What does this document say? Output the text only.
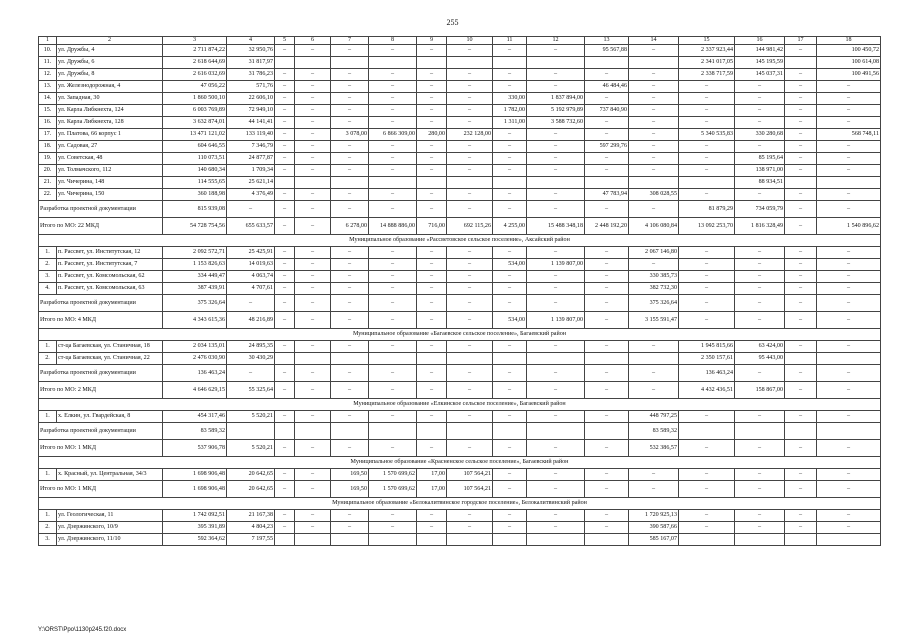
255
1	2	3	4	5	6	7	8	9	10	11	12	13	14	15	16	17	18
10.	ул. Дружбы, 4	2 711 874,22	32 950,76	–	–	–	–	–	–	–	–	95 567,88	–	2 337 923,44	144 981,42	–	100 450,72
11.	ул. Дружбы, 6	2 618 644,69	31 817,97											2 341 017,05	145 195,59		100 614,08
12.	ул. Дружбы, 8	2 616 032,69	31 786,23	–	–	–	–	–	–	–	–	–	–	2 338 717,59	145 037,31	–	100 491,56
13.	ул. Железнодорожная, 4	47 056,22	571,76	–	–	–	–	–	–	–	–	46 484,46	–	–	–	–	–
14.	ул. Западная, 30	1 860 500,10	22 606,10	–	–	–	–	–	–	330,00	1 837 894,00	–	–	–	–	–	–
15.	ул. Карла Либкнехта, 124	6 003 769,89	72 949,10	–	–	–	–	–	–	1 782,00	5 192 979,89	737 840,90	–	–	–	–	–
16.	ул. Карла Либкнехта, 128	3 632 874,01	44 141,41	–	–	–	–	–	–	1 311,00	3 588 732,60	–	–	–	–	–	–
17.	ул. Платова, 66 корпус 1	13 471 121,02	133 119,40	–	–	3 078,00	6 866 309,00	280,00	232 128,00	–	–	–	–	5 340 535,83	330 280,68	–	568 748,11
18.	ул. Садовая, 27	604 646,55	7 346,79	–	–	–	–	–	–	–	–	597 299,76	–	–	–	–	–
19.	ул. Советская, 48	110 073,51	24 877,87	–	–	–	–	–	–	–	–	–	–	–	85 195,64	–	–
20.	ул. Толмачского, 112	140 680,34	1 709,34	–	–	–	–	–	–	–	–	–	–	–	138 971,00	–	–
21.	ул. Чичерина, 148	114 555,65	25 621,14												88 934,51		
22.	ул. Чичерина, 150	360 188,98	4 376,49	–	–	–	–	–	–	–	–	47 783,94	308 028,55	–	–	–	–
Разработка проектной документации		815 939,08	–	–	–	–	–	–	–	–	–	–	–	81 879,29	734 059,79	–	–
Итого по МО: 22 МКД		54 728 754,56	655 633,57	–	–	6 278,00	14 888 886,00	716,00	692 115,26	4 255,00	15 488 348,18	2 448 192,20	4 106 080,84	13 092 253,70	1 816 328,49	–	1 540 896,62
Муниципальное образование «Рассветовское сельское поселение», Аксайский район																	
1.	п. Рассвет, ул. Институтская, 12	2 092 572,71	25 425,91	–	–	–	–	–	–	–	–	–	2 067 146,80	–	–	–	–
2.	п. Рассвет, ул. Институтская, 7	1 153 826,63	14 019,63	–	–	–	–	–	–	534,00	1 139 807,00	–	–	–	–	–	–
3.	п. Рассвет, ул. Комсомольская, 62	334 449,47	4 063,74	–	–	–	–	–	–	–	–	–	330 385,73	–	–	–	–
4.	п. Рассвет, ул. Комсомольская, 63	387 439,91	4 707,61	–	–	–	–	–	–	–	–	–	382 732,30	–	–	–	–
Разработка проектной документации		375 326,64	–	–	–	–	–	–	–	–	–	–	375 326,64	–	–	–	–
Итого по МО: 4 МКД		4 343 615,36	48 216,89	–	–	–	–	–	–	534,00	1 139 807,00	–	3 155 591,47	–	–	–	–
Муниципальное образование «Багаевское сельское поселение», Багаевский район																	
1.	ст-ца Багаевская, ул. Станичная, 18	2 034 135,01	24 895,35	–	–	–	–	–	–	–	–	–	–	1 945 815,66	63 424,00	–	–
2.	ст-ца Багаевская, ул. Станичная, 22	2 476 030,90	30 430,29											2 350 157,61	95 443,00		
Разработка проектной документации		136 463,24	–	–	–	–	–	–	–	–	–	–	–	136 463,24	–	–	–
Итого по МО: 2 МКД		4 646 629,15	55 325,64	–	–	–	–	–	–	–	–	–	–	4 432 436,51	158 867,00	–	–
Муниципальное образование «Елкинское сельское поселение», Багаевский район																	
1.	х. Елкин, ул. Гвардейская, 8	454 317,46	5 520,21	–	–	–	–	–	–	–	–	–	448 797,25	–	–	–	–
Разработка проектной документации		83 589,32											83 589,32				
Итого по МО: 1 МКД		537 906,78	5 520,21	–	–	–	–	–	–	–	–	–	532 386,57	–	–	–	–
Муниципальное образование «Красненское сельское поселение», Багаевский район																	
1.	х. Красный, ул. Центральная, 34/3	1 698 906,48	20 642,65	–	–	169,50	1 570 699,62	17,00	107 564,21	–	–	–	–	–	–	–	–
Итого по МО: 1 МКД		1 698 906,48	20 642,65	–	–	169,50	1 570 699,62	17,00	107 564,21	–	–	–	–	–	–	–	–
Муниципальное образование «Белокалитвинское городское поселение», Белокалитвинский район																	
1.	ул. Геологическая, 11	1 742 092,51	21 167,38	–	–	–	–	–	–	–	–	–	1 720 925,13	–	–	–	–
2.	ул. Дзержинского, 10/9	395 391,89	4 804,23	–	–	–	–	–	–	–	–	–	390 587,66	–	–	–	–
3.	ул. Дзержинского, 11/10	592 364,62	7 197,55										585 167,07				
Y:\ORST\Ppo\1130p245.f20.docx
